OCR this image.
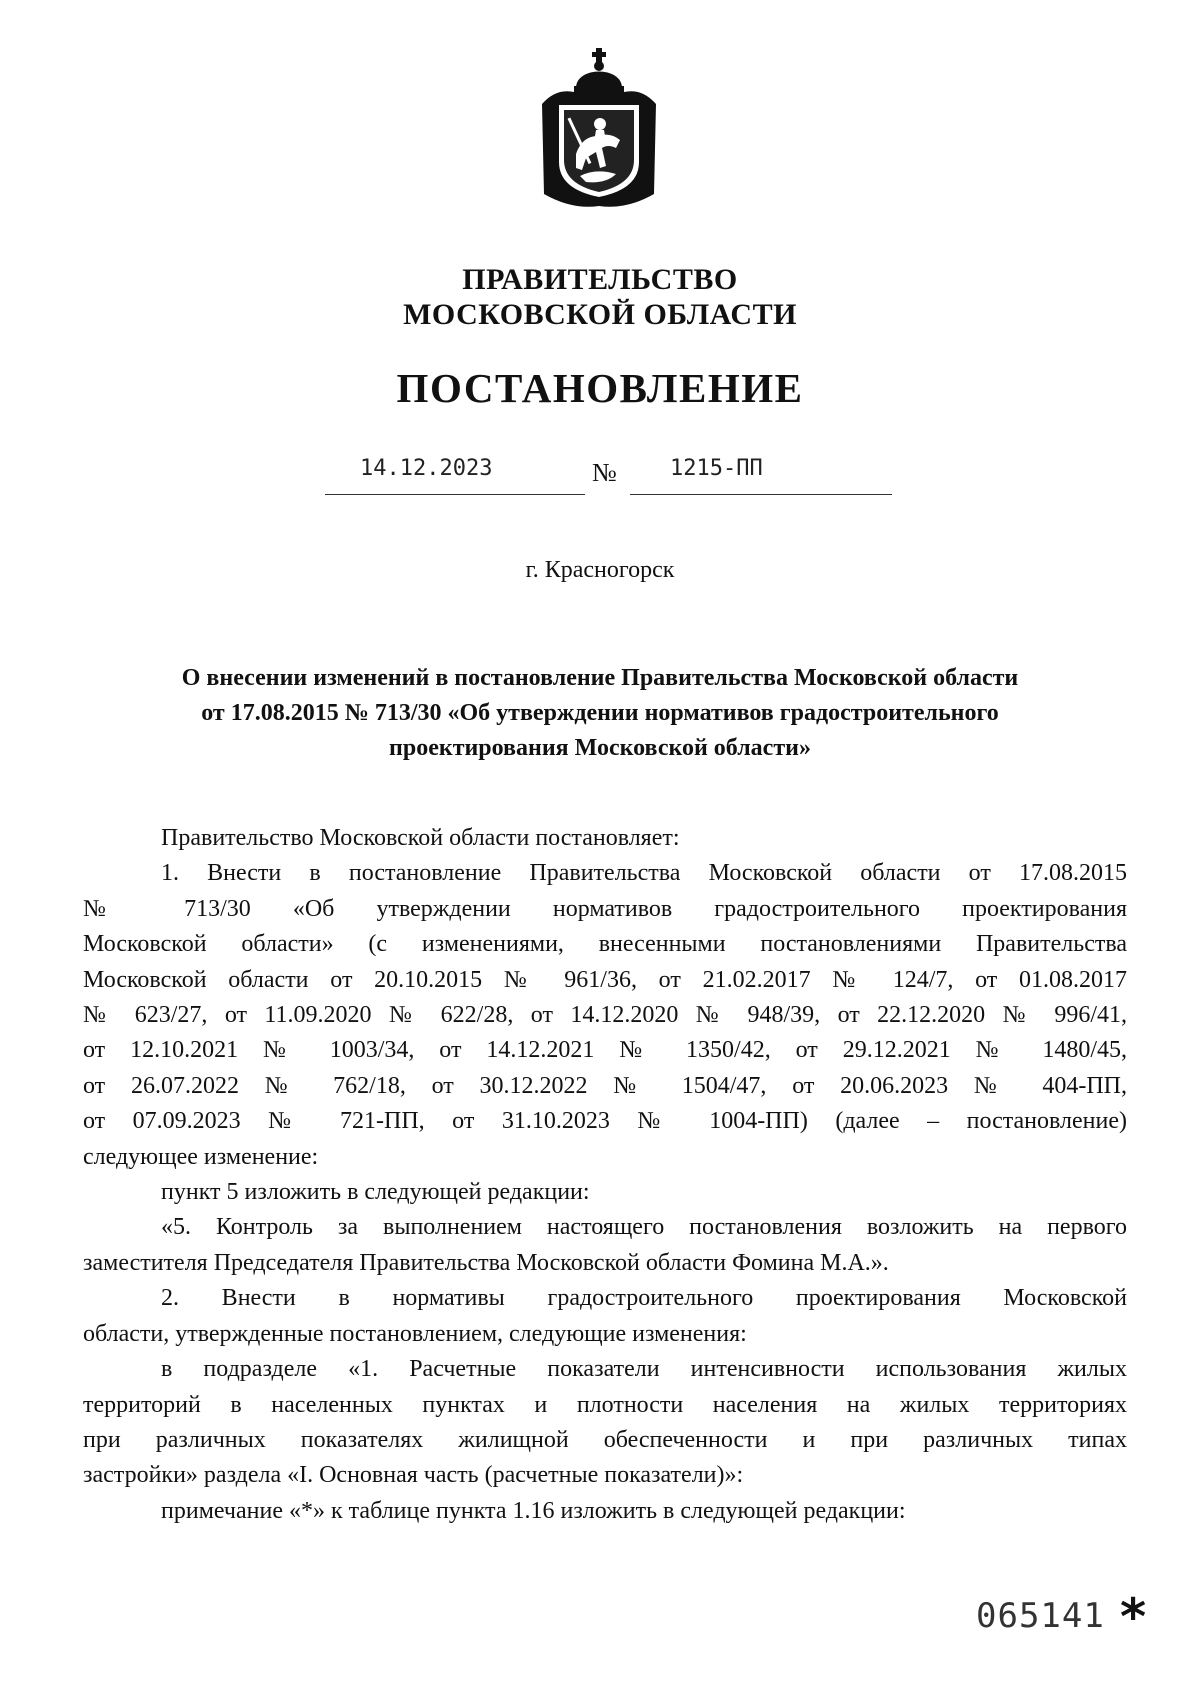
ПРАВИТЕЛЬСТВО
МОСКОВСКОЙ ОБЛАСТИ
ПОСТАНОВЛЕНИЕ
14.12.2023	№ 1215-ПП
г. Красногорск
О внесении изменений в постановление Правительства Московской области
от 17.08.2015 № 713/30 «Об утверждении нормативов градостроительного
проектирования Московской области»
Правительство Московской области постановляет:
1. Внести в постановление Правительства Московской области от 17.08.2015
№ 713/30 «Об утверждении нормативов градостроительного проектирования
Московской области» (с изменениями, внесенными постановлениями Правительства
Московской области от 20.10.2015 № 961/36, от 21.02.2017 № 124/7, от 01.08.2017
№ 623/27, от 11.09.2020 № 622/28, от 14.12.2020 № 948/39, от 22.12.2020 № 996/41,
от 12.10.2021 № 1003/34, от 14.12.2021 № 1350/42, от 29.12.2021 № 1480/45,
от 26.07.2022 № 762/18, от 30.12.2022 № 1504/47, от 20.06.2023 № 404-ПП,
от 07.09.2023 № 721-ПП, от 31.10.2023 № 1004-ПП) (далее – постановление)
следующее изменение:
пункт 5 изложить в следующей редакции:
«5. Контроль за выполнением настоящего постановления возложить на первого
заместителя Председателя Правительства Московской области Фомина М.А.».
2. Внести в нормативы градостроительного проектирования Московской
области, утвержденные постановлением, следующие изменения:
в подразделе «1. Расчетные показатели интенсивности использования жилых
территорий в населенных пунктах и плотности населения на жилых территориях
при различных показателях жилищной обеспеченности и при различных типах
застройки» раздела «I. Основная часть (расчетные показатели)»:
примечание «*» к таблице пункта 1.16 изложить в следующей редакции:
065141 *
